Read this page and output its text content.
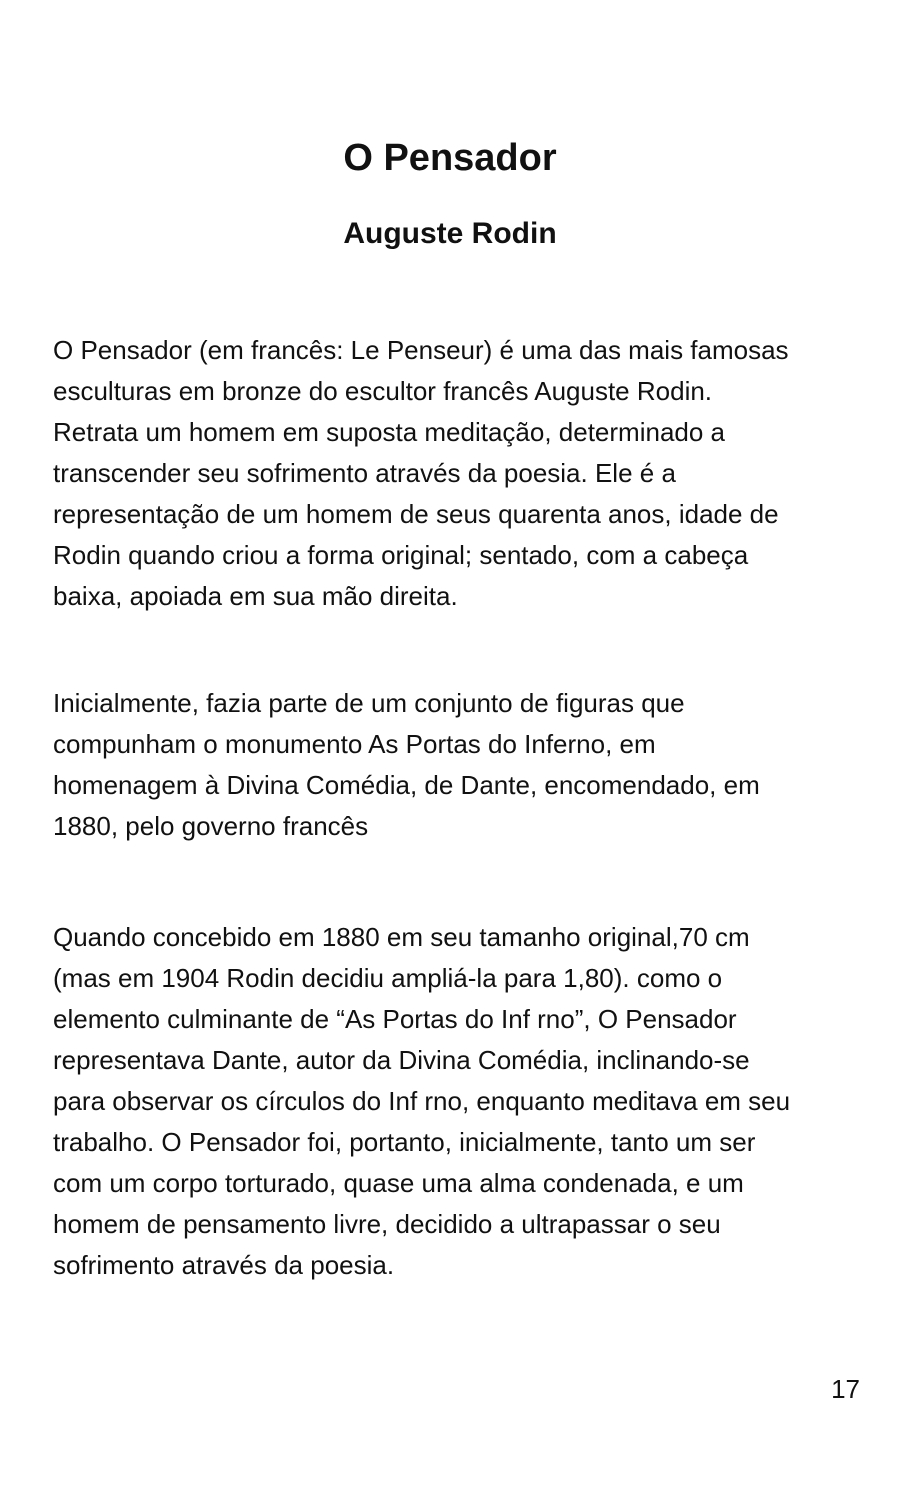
O Pensador
Auguste Rodin

O Pensador (em francês: Le Penseur) é uma das mais famosas
esculturas em bronze do escultor francês Auguste Rodin.
Retrata um homem em suposta meditação, determinado a
transcender seu sofrimento através da poesia. Ele é a
representação de um homem de seus quarenta anos, idade de
Rodin quando criou a forma original; sentado, com a cabeça
baixa, apoiada em sua mão direita.

Inicialmente, fazia parte de um conjunto de figuras que
compunham o monumento As Portas do Inferno, em
homenagem à Divina Comédia, de Dante, encomendado, em
1880, pelo governo francês

Quando concebido em 1880 em seu tamanho original,70 cm
(mas em 1904 Rodin decidiu ampliá-la para 1,80). como o
elemento culminante de “As Portas do Inf rno”, O Pensador
representava Dante, autor da Divina Comédia, inclinando-se
para observar os círculos do Inf rno, enquanto meditava em seu
trabalho. O Pensador foi, portanto, inicialmente, tanto um ser
com um corpo torturado, quase uma alma condenada, e um
homem de pensamento livre, decidido a ultrapassar o seu
sofrimento através da poesia.

17
